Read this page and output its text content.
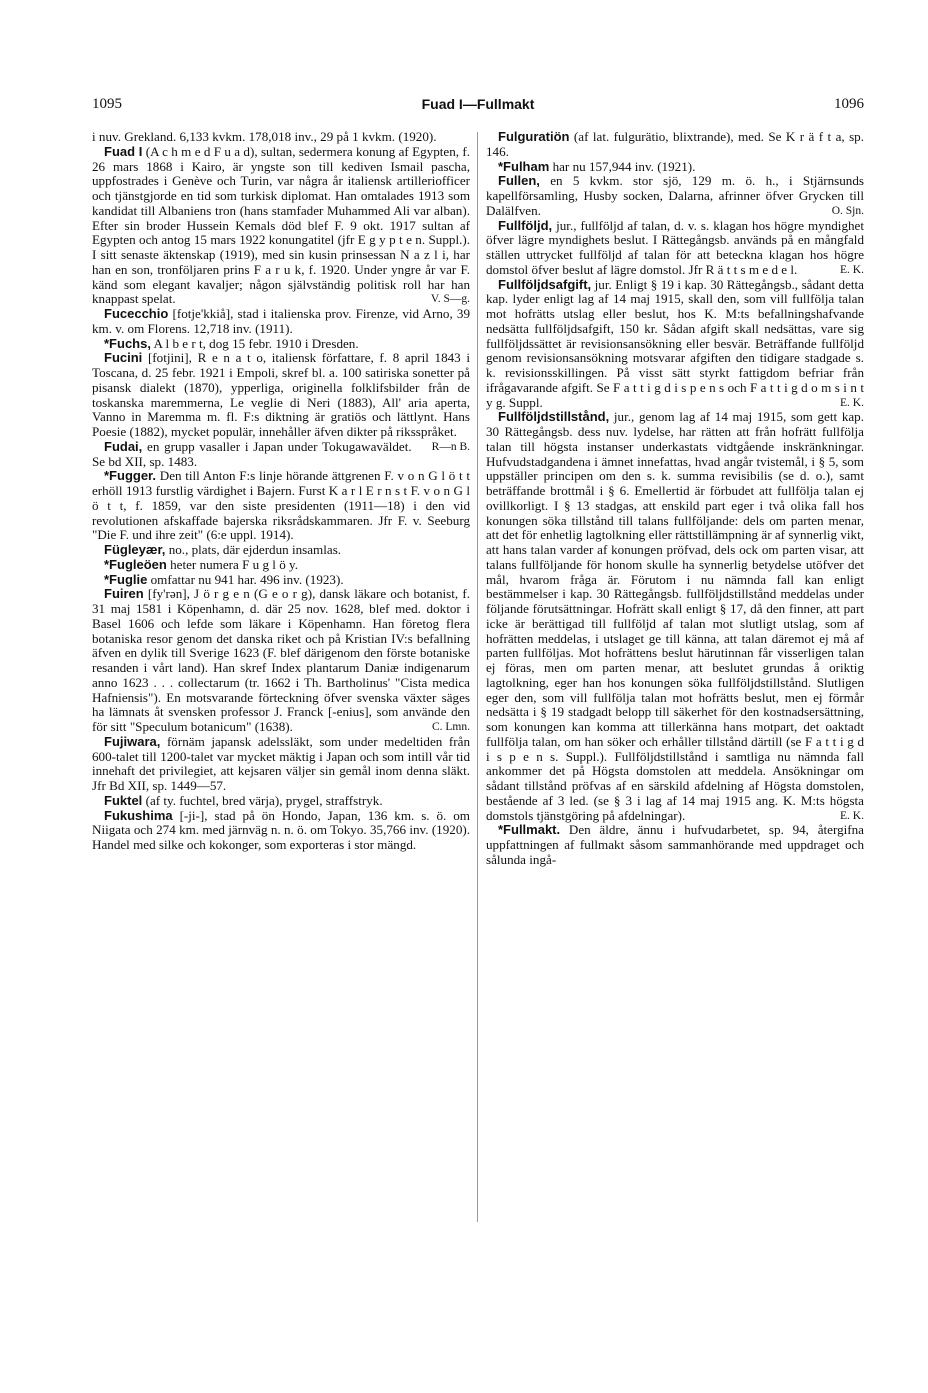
1095	Fuad I—Fullmakt	1096

i nuv. Grekland. 6,133 kvkm. 178,018 inv., 29 på 1 kvkm. (1920).

Fuad I (A c h m e d F u a d), sultan, sedermera konung af Egypten, f. 26 mars 1868 i Kairo, är yngste son till kediven Ismail pascha, uppfostrades i Genève och Turin, var några år italiensk artilleriofficer och tjänstgjorde en tid som turkisk diplomat. Han omtalades 1913 som kandidat till Albaniens tron (hans stamfader Muhammed Ali var alban). Efter sin broder Hussein Kemals död blef F. 9 okt. 1917 sultan af Egypten och antog 15 mars 1922 konungatitel (jfr E g y p t e n. Suppl.). I sitt senaste äktenskap (1919), med sin kusin prinsessan N a z l i, har han en son, tronföljaren prins F a r u k, f. 1920. Under yngre år var F. känd som elegant kavaljer; någon självständig politisk roll har han knappast spelat.	V. S—g.

Fucecchio [fotje'kkiå], stad i italienska prov. Firenze, vid Arno, 39 km. v. om Florens. 12,718 inv. (1911).

*Fuchs, A l b e r t, dog 15 febr. 1910 i Dresden.

Fucini [fotjini], R e n a t o, italiensk författare, f. 8 april 1843 i Toscana, d. 25 febr. 1921 i Empoli, skref bl. a. 100 satiriska sonetter på pisansk dialekt (1870), ypperliga, originella folklifsbilder från de toskanska maremmerna, Le veglie di Neri (1883), All' aria aperta, Vanno in Maremma m. fl. F:s diktning är gratiös och lättlynt. Hans Poesie (1882), mycket populär, innehåller äfven dikter på riksspråket.
R—n B.

Fudai, en grupp vasaller i Japan under Tokugawaväldet. Se bd XII, sp. 1483.

*Fugger. Den till Anton F:s linje hörande ättgrenen F. v o n G l ö t t erhöll 1913 furstlig värdighet i Bajern. Furst K a r l E r n s t F. v o n G l ö t t, f. 1859, var den siste presidenten (1911—18) i den vid revolutionen afskaffade bajerska riksrådskammaren. Jfr F. v. Seeburg "Die F. und ihre zeit" (6:e uppl. 1914).

Fügleyær, no., plats, där ejderdun insamlas.

*Fugleöen heter numera F u g l ö y.

*Fuglie omfattar nu 941 har. 496 inv. (1923).

Fuiren [fy'rən], J ö r g e n (G e o r g), dansk läkare och botanist, f. 31 maj 1581 i Köpenhamn, d. där 25 nov. 1628, blef med. doktor i Basel 1606 och lefde som läkare i Köpenhamn. Han företog flera botaniska resor genom det danska riket och på Kristian IV:s befallning äfven en dylik till Sverige 1623 (F. blef därigenom den förste botaniske resanden i vårt land). Han skref Index plantarum Daniæ indigenarum anno 1623 . . . collectarum (tr. 1662 i Th. Bartholinus' "Cista medica Hafniensis"). En motsvarande förteckning öfver svenska växter säges ha lämnats åt svensken professor J. Franck [-enius], som använde den för sitt "Speculum botanicum" (1638).	C. Lmn.

Fujiwara, förnäm japansk adelssläkt, som under medeltiden från 600-talet till 1200-talet var mycket mäktig i Japan och som intill vår tid innehaft det privilegiet, att kejsaren väljer sin gemål inom denna släkt. Jfr Bd XII, sp. 1449—57.

Fuktel (af ty. fuchtel, bred värja), prygel, straffstryk.

Fukushima [-ji-], stad på ön Hondo, Japan, 136 km. s. ö. om Niigata och 274 km. med järnväg n. n. ö. om Tokyo. 35,766 inv. (1920). Handel med silke och kokonger, som exporteras i stor mängd.

Fulguratiön (af lat. fulgurätio, blixtrande), med. Se K r ä f t a, sp. 146.

*Fulham har nu 157,944 inv. (1921).

Fullen, en 5 kvkm. stor sjö, 129 m. ö. h., i Stjärnsunds kapellförsamling, Husby socken, Dalarna, afrinner öfver Grycken till Dalälfven.	O. Sjn.

Fullföljd, jur., fullföljd af talan, d. v. s. klagan hos högre myndighet öfver lägre myndighets beslut. I Rättegångsb. används på en mångfald ställen uttrycket fullföljd af talan för att beteckna klagan hos högre domstol öfver beslut af lägre domstol. Jfr R ä t t s m e d e l.	E. K.

Fullföljdsafgift, jur. Enligt § 19 i kap. 30 Rättegångsb., sådant detta kap. lyder enligt lag af 14 maj 1915, skall den, som vill fullfölja talan mot hofrätts utslag eller beslut, hos K. M:ts befallningshafvande nedsätta fullföljdsafgift, 150 kr. Sådan afgift skall nedsättas, vare sig fullföljdssättet är revisionsansökning eller besvär. Beträffande fullföljd genom revisionsansökning motsvarar afgiften den tidigare stadgade s. k. revisionsskillingen. På visst sätt styrkt fattigdom befriar från ifrågavarande afgift. Se F a t t i g d i s p e n s och F a t t i g d o m s i n t y g. Suppl.	E. K.

Fullföljdstillstånd, jur., genom lag af 14 maj 1915, som gett kap. 30 Rättegångsb. dess nuv. lydelse, har rätten att från hofrätt fullfölja talan till högsta instanser underkastats vidtgående inskränkningar. Hufvudstadgandena i ämnet innefattas, hvad angår tvistemål, i § 5, som uppställer principen om den s. k. summa revisibilis (se d. o.), samt beträffande brottmål i § 6. Emellertid är förbudet att fullfölja talan ej ovillkorligt. I § 13 stadgas, att enskild part eger i två olika fall hos konungen söka tillstånd till talans fullföljande: dels om parten menar, att det för enhetlig lagtolkning eller rättstillämpning är af synnerlig vikt, att hans talan varder af konungen pröfvad, dels ock om parten visar, att talans fullföljande för honom skulle ha synnerlig betydelse utöfver det mål, hvarom fråga är. Förutom i nu nämnda fall kan enligt bestämmelser i kap. 30 Rättegångsb. fullföljdstillstånd meddelas under följande förutsättningar. Hofrätt skall enligt § 17, då den finner, att part icke är berättigad till fullföljd af talan mot slutligt utslag, som af hofrätten meddelas, i utslaget ge till känna, att talan däremot ej må af parten fullföljas. Mot hofrättens beslut härutinnan får visserligen talan ej föras, men om parten menar, att beslutet grundas å oriktig lagtolkning, eger han hos konungen söka fullföljdstillstånd. Slutligen eger den, som vill fullfölja talan mot hofrätts beslut, men ej förmår nedsätta i § 19 stadgadt belopp till säkerhet för den kostnadsersättning, som konungen kan komma att tillerkänna hans motpart, det oaktadt fullfölja talan, om han söker och erhåller tillstånd därtill (se F a t t i g d i s p e n s. Suppl.). Fullföljdstillstånd i samtliga nu nämnda fall ankommer det på Högsta domstolen att meddela. Ansökningar om sådant tillstånd pröfvas af en särskild afdelning af Högsta domstolen, bestående af 3 led. (se § 3 i lag af 14 maj 1915 ang. K. M:ts högsta domstols tjänstgöring på afdelningar).	E. K.

*Fullmakt. Den äldre, ännu i hufvudarbetet, sp. 94, återgifna uppfattningen af fullmakt såsom sammanhörande med uppdraget och sålunda ingå-
